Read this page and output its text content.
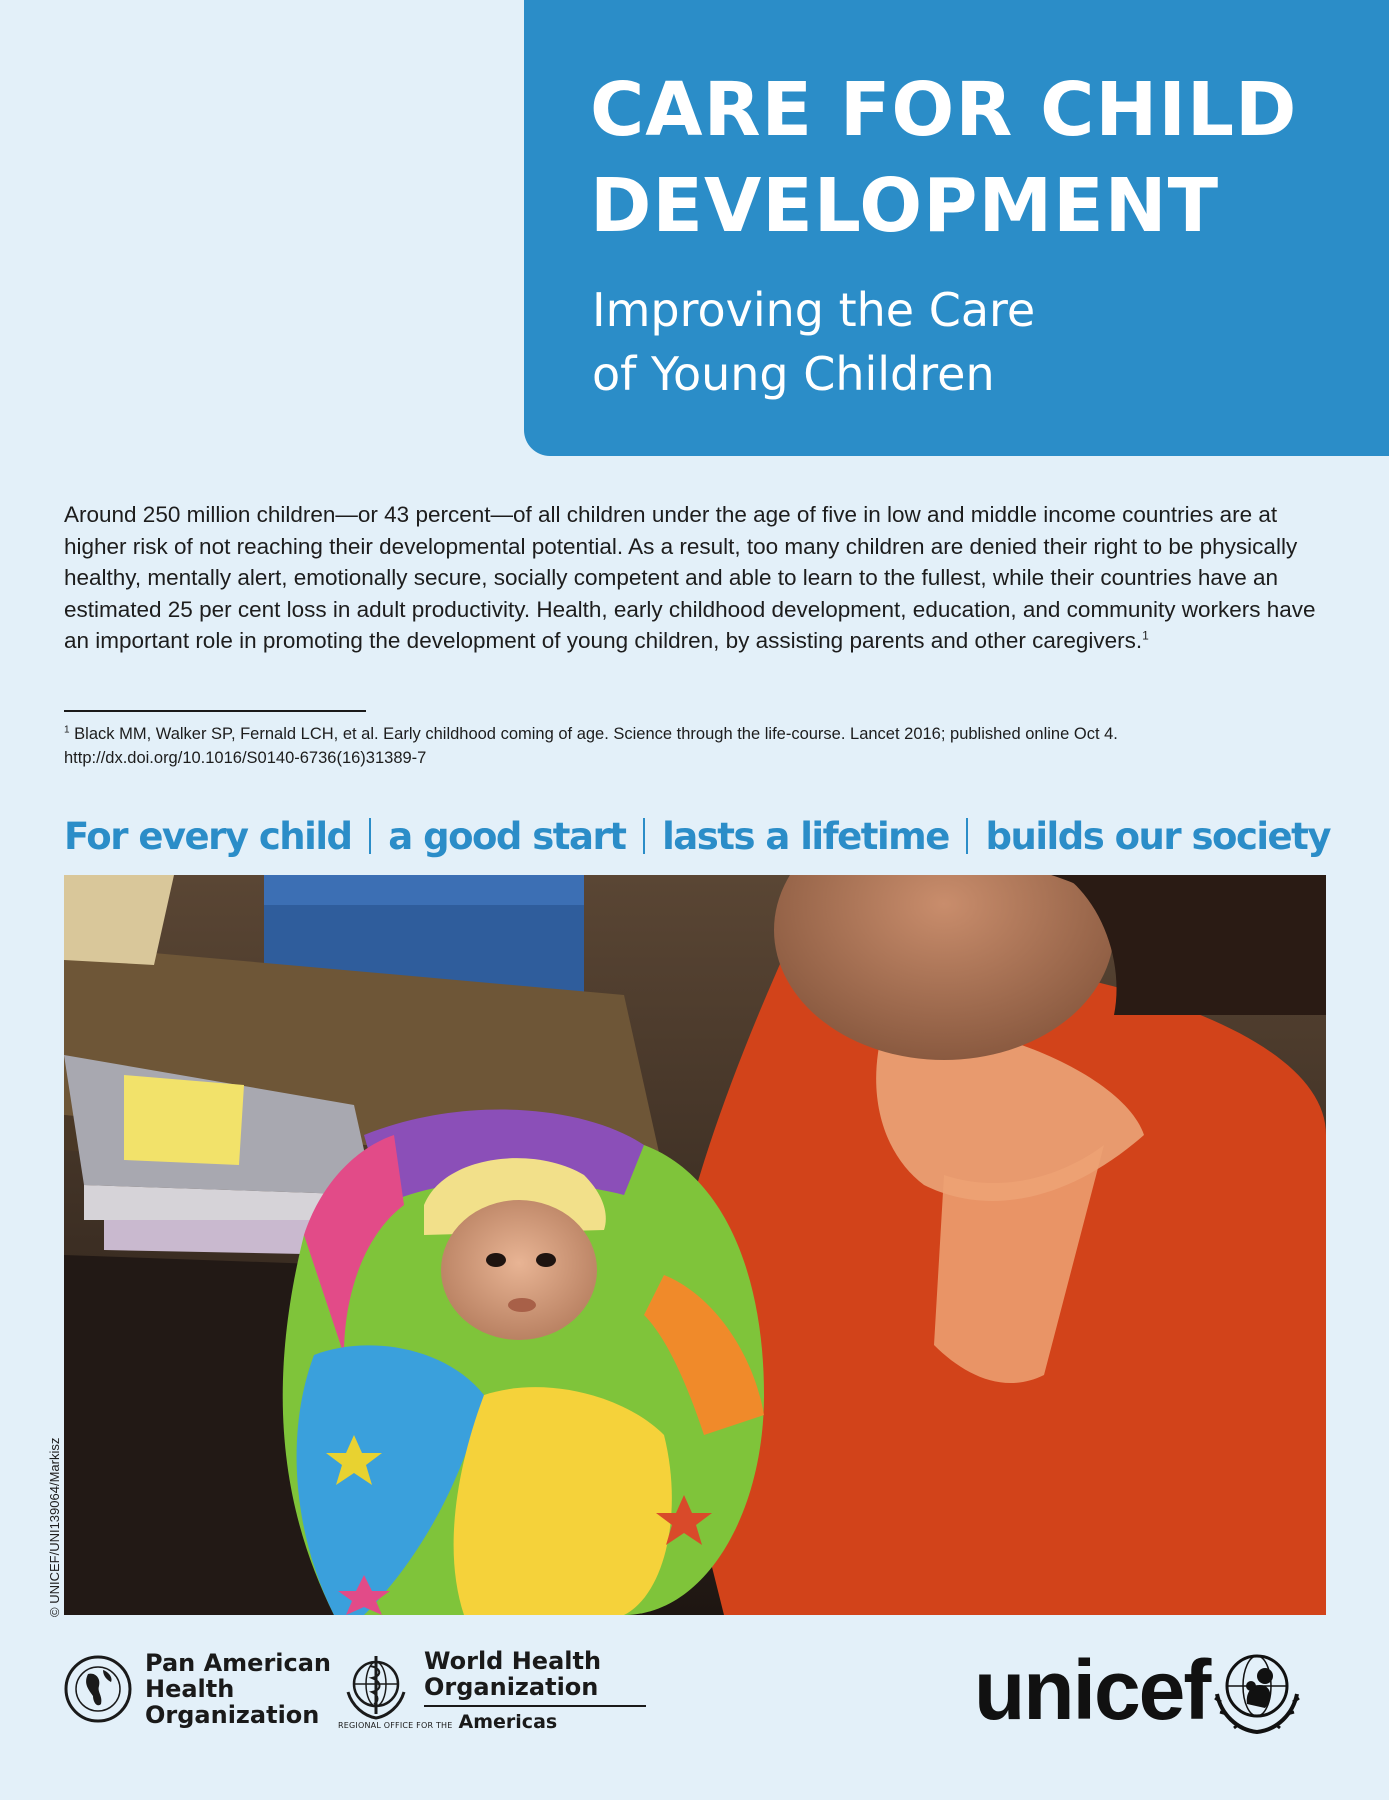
CARE FOR CHILD
DEVELOPMENT
Improving the Care
of Young Children

Around 250 million children—or 43 percent—of all children under the age of five in low and middle income countries are at higher risk of not reaching their developmental potential. As a result, too many children are denied their right to be physically healthy, mentally alert, emotionally secure, socially competent and able to learn to the fullest, while their countries have an estimated 25 per cent loss in adult productivity. Health, early childhood development, education, and community workers have an important role in promoting the development of young children, by assisting parents and other caregivers.$^1$

$^1$ Black MM, Walker SP, Fernald LCH, et al. Early childhood coming of age. Science through the life-course. Lancet 2016; published online Oct 4.
http://dx.doi.org/10.1016/S0140-6736(16)31389-7

For every child a good start lasts a lifetime builds our society
© UNICEF/UNI139064/Markisz
Pan American
Health
Organization
World Health
Organization
REGIONAL OFFICE FOR THE Americas	unicef
